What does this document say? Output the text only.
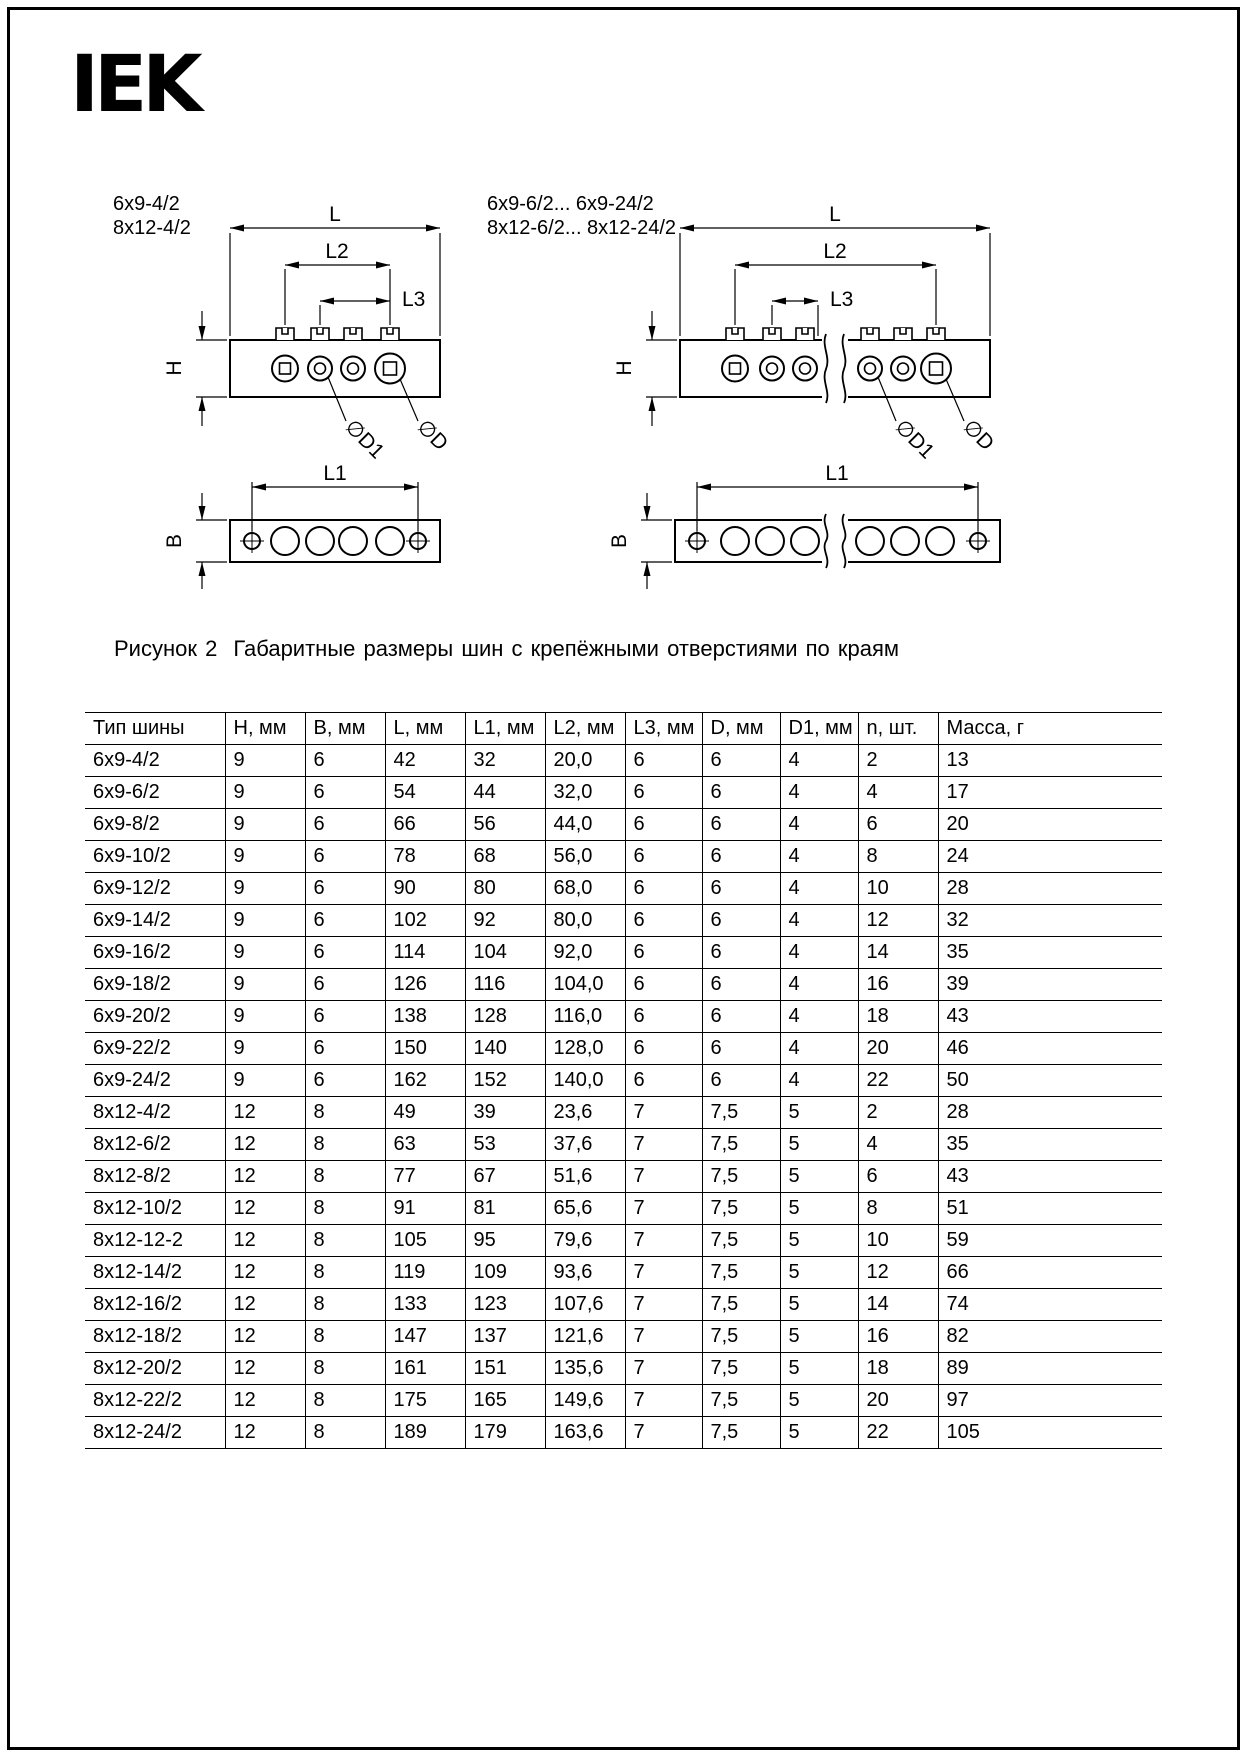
IEK
6x9-4/2
8x12-4/2
L
L2
L3
H
∅D1 ∅D
L1
B
6x9-6/2... 6x9-24/2
8x12-6/2... 8x12-24/2
L
L2
L3
H
∅D1 ∅D
L1
B
Рисунок 2 Габаритные размеры шин с крепёжными отверстиями по краям
Тип шины	H, мм	B, мм	L, мм	L1, мм	L2, мм	L3, мм	D, мм	D1, мм	n, шт.	Масса, г
6x9-4/2	9	6	42	32	20,0	6	6	4	2	13
6x9-6/2	9	6	54	44	32,0	6	6	4	4	17
6x9-8/2	9	6	66	56	44,0	6	6	4	6	20
6x9-10/2	9	6	78	68	56,0	6	6	4	8	24
6x9-12/2	9	6	90	80	68,0	6	6	4	10	28
6x9-14/2	9	6	102	92	80,0	6	6	4	12	32
6x9-16/2	9	6	114	104	92,0	6	6	4	14	35
6x9-18/2	9	6	126	116	104,0	6	6	4	16	39
6x9-20/2	9	6	138	128	116,0	6	6	4	18	43
6x9-22/2	9	6	150	140	128,0	6	6	4	20	46
6x9-24/2	9	6	162	152	140,0	6	6	4	22	50
8x12-4/2	12	8	49	39	23,6	7	7,5	5	2	28
8x12-6/2	12	8	63	53	37,6	7	7,5	5	4	35
8x12-8/2	12	8	77	67	51,6	7	7,5	5	6	43
8x12-10/2	12	8	91	81	65,6	7	7,5	5	8	51
8x12-12-2	12	8	105	95	79,6	7	7,5	5	10	59
8x12-14/2	12	8	119	109	93,6	7	7,5	5	12	66
8x12-16/2	12	8	133	123	107,6	7	7,5	5	14	74
8x12-18/2	12	8	147	137	121,6	7	7,5	5	16	82
8x12-20/2	12	8	161	151	135,6	7	7,5	5	18	89
8x12-22/2	12	8	175	165	149,6	7	7,5	5	20	97
8x12-24/2	12	8	189	179	163,6	7	7,5	5	22	105
